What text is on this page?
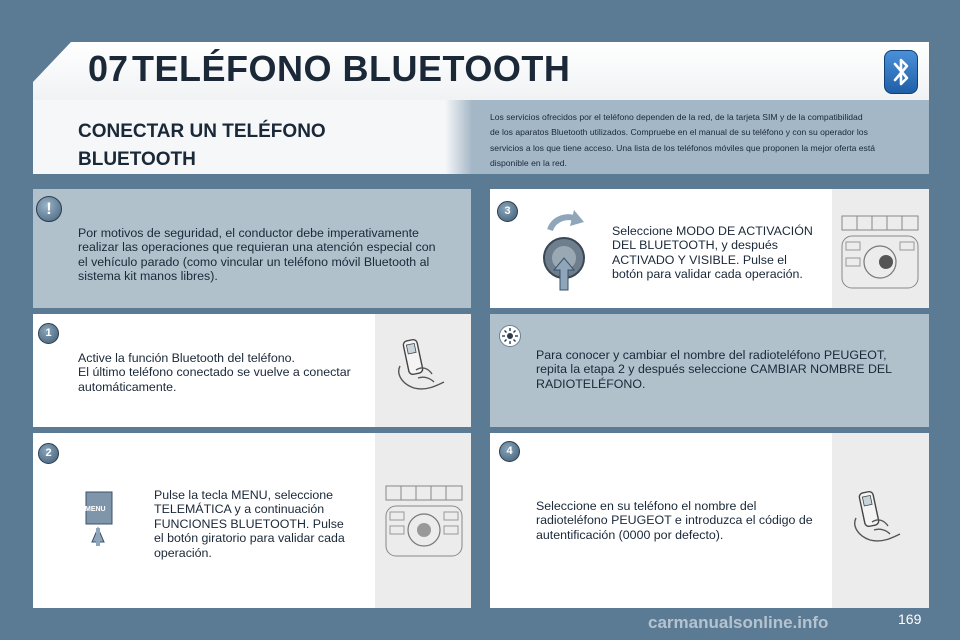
07 TELÉFONO BLUETOOTH
CONECTAR UN TELÉFONO
BLUETOOTH
Los servicios ofrecidos por el teléfono dependen de la red, de la tarjeta SIM y de la compatibilidad
de los aparatos Bluetooth utilizados. Compruebe en el manual de su teléfono y con su operador los
servicios a los que tiene acceso. Una lista de los teléfonos móviles que proponen la mejor oferta está
disponible en la red.
!
Por motivos de seguridad, el conductor debe imperativamente
realizar las operaciones que requieran una atención especial con
el vehículo parado (como vincular un teléfono móvil Bluetooth al
sistema kit manos libres).
1
Active la función Bluetooth del teléfono.
El último teléfono conectado se vuelve a conectar
automáticamente.
2
MENU
Pulse la tecla MENU, seleccione
TELEMÁTICA y a continuación
FUNCIONES BLUETOOTH. Pulse
el botón giratorio para validar cada
operación.
3
Seleccione MODO DE ACTIVACIÓN
DEL BLUETOOTH, y después
ACTIVADO Y VISIBLE. Pulse el
botón para validar cada operación.
Para conocer y cambiar el nombre del radioteléfono PEUGEOT,
repita la etapa 2 y después seleccione CAMBIAR NOMBRE DEL
RADIOTELÉFONO.
4
Seleccione en su teléfono el nombre del
radioteléfono PEUGEOT e introduzca el código de
autentificación (0000 por defecto).
carmanualsonline.info	169
